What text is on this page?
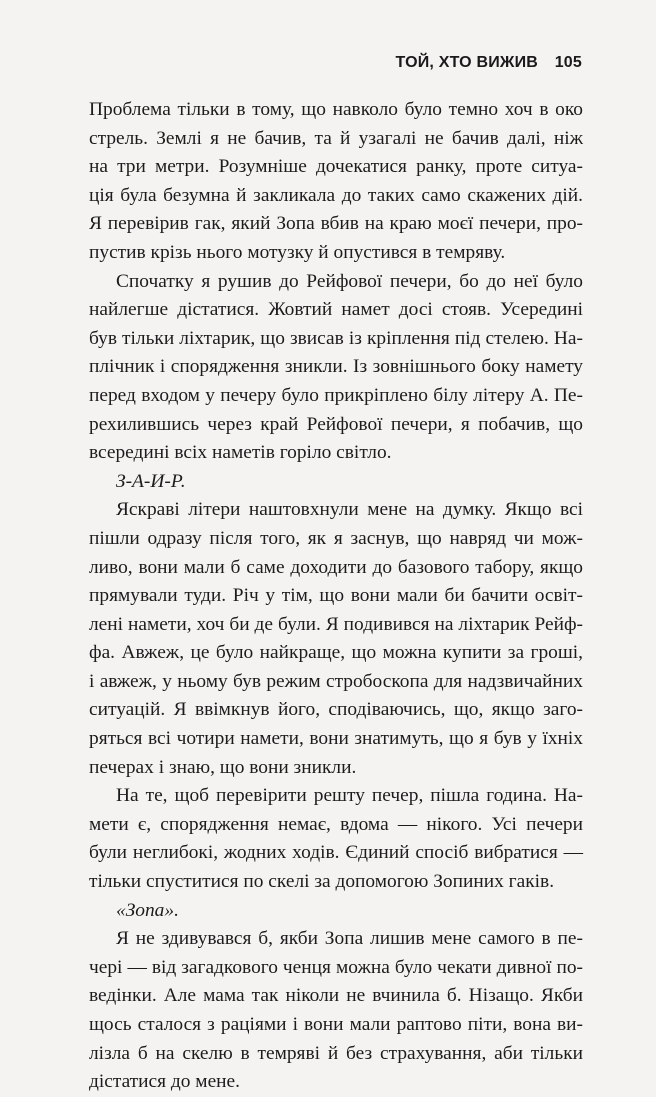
ТОЙ, ХТО ВИЖИВ 105
Проблема тільки в тому, що навколо було темно хоч в око
стрель. Землі я не бачив, та й узагалі не бачив далі, ніж
на три метри. Розумніше дочекатися ранку, проте ситуа-
ція була безумна й закликала до таких само скажених дій.
Я перевірив гак, який Зопа вбив на краю моєї печери, про-
пустив крізь нього мотузку й опустився в темряву.
Спочатку я рушив до Рейфової печери, бо до неї було
найлегше дістатися. Жовтий намет досі стояв. Усередині
був тільки ліхтарик, що звисав із кріплення під стелею. На-
плічник і спорядження зникли. Із зовнішнього боку намету
перед входом у печеру було прикріплено білу літеру А. Пе-
рехилившись через край Рейфової печери, я побачив, що
всередині всіх наметів горіло світло.
З-А-И-Р.
Яскраві літери наштовхнули мене на думку. Якщо всі
пішли одразу після того, як я заснув, що навряд чи мож-
ливо, вони мали б саме доходити до базового табору, якщо
прямували туди. Річ у тім, що вони мали би бачити освіт-
лені намети, хоч би де були. Я подивився на ліхтарик Рейф-
фа. Авжеж, це було найкраще, що можна купити за гроші,
і авжеж, у ньому був режим стробоскопа для надзвичайних
ситуацій. Я ввімкнув його, сподіваючись, що, якщо заго-
ряться всі чотири намети, вони знатимуть, що я був у їхніх
печерах і знаю, що вони зникли.
На те, щоб перевірити решту печер, пішла година. На-
мети є, спорядження немає, вдома — нікого. Усі печери
були неглибокі, жодних ходів. Єдиний спосіб вибратися —
тільки спуститися по скелі за допомогою Зопиних гаків.
«Зопа».
Я не здивувався б, якби Зопа лишив мене самого в пе-
чері — від загадкового ченця можна було чекати дивної по-
ведінки. Але мама так ніколи не вчинила б. Нізащо. Якби
щось сталося з раціями і вони мали раптово піти, вона ви-
лізла б на скелю в темряві й без страхування, аби тільки
дістатися до мене.
